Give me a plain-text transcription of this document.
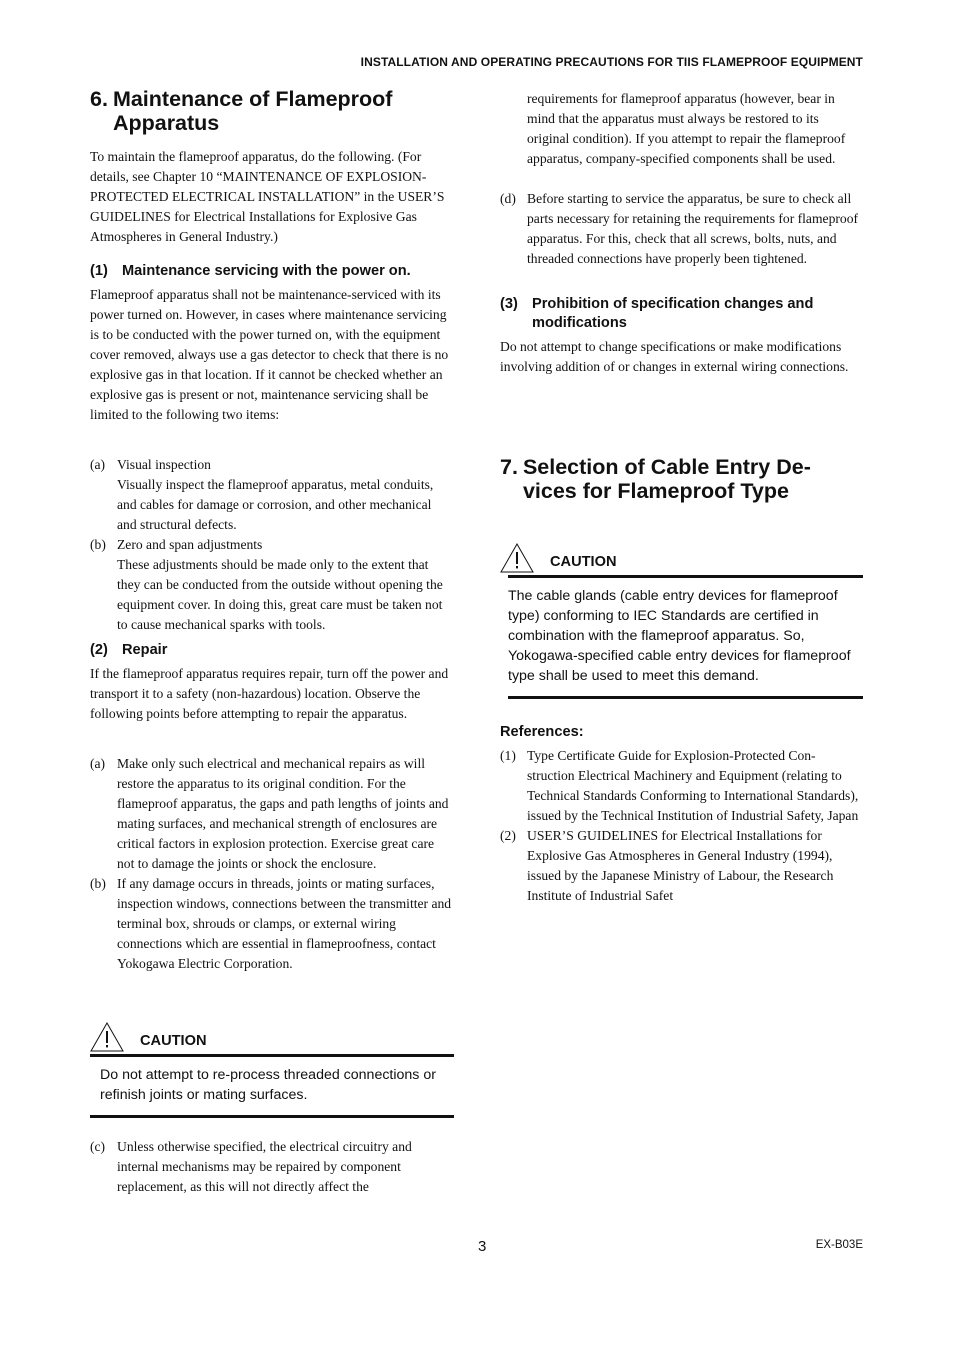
INSTALLATION AND OPERATING PRECAUTIONS FOR TIIS FLAMEPROOF EQUIPMENT
6. Maintenance of Flameproof Apparatus

To maintain the flameproof apparatus, do the following. (For details, see Chapter 10 “MAINTENANCE OF EXPLOSION-PROTECTED ELECTRICAL INSTALLATION” in the USER’S GUIDELINES for Electrical Installations for Explosive Gas Atmospheres in General Industry.)

(1) Maintenance servicing with the power on.

Flameproof apparatus shall not be maintenance-serviced with its power turned on. However, in cases where maintenance servicing is to be conducted with the power turned on, with the equipment cover removed, always use a gas detector to check that there is no explosive gas in that location. If it cannot be checked whether an explosive gas is present or not, maintenance servicing shall be limited to the following two items:

(a) Visual inspection
Visually inspect the flameproof apparatus, metal conduits, and cables for damage or corrosion, and other mechanical and structural defects.
(b) Zero and span adjustments
These adjustments should be made only to the extent that they can be conducted from the outside without opening the equipment cover. In doing this, great care must be taken not to cause mechanical sparks with tools.
(2) Repair

If the flameproof apparatus requires repair, turn off the power and transport it to a safety (non-hazardous) location. Observe the following points before attempting to repair the apparatus.

(a) Make only such electrical and mechanical repairs as will restore the apparatus to its original condition. For the flameproof apparatus, the gaps and path lengths of joints and mating surfaces, and mechanical strength of enclosures are critical factors in explosion protection. Exercise great care not to damage the joints or shock the enclosure.
(b) If any damage occurs in threads, joints or mating surfaces, inspection windows, connections between the transmitter and terminal box, shrouds or clamps, or external wiring connections which are essential in flameproofness, contact Yokogawa Electric Corporation.
CAUTION
Do not attempt to re-process threaded connections or refinish joints or mating surfaces.
(c) Unless otherwise specified, the electrical circuitry and internal mechanisms may be repaired by component replacement, as this will not directly affect the
requirements for flameproof apparatus (however, bear in mind that the apparatus must always be restored to its original condition). If you attempt to repair the flameproof apparatus, company-specified components shall be used.
(d) Before starting to service the apparatus, be sure to check all parts necessary for retaining the requirements for flameproof apparatus. For this, check that all screws, bolts, nuts, and threaded connections have properly been tightened.
(3) Prohibition of specification changes and modifications

Do not attempt to change specifications or make modifications involving addition of or changes in external wiring connections.

7. Selection of Cable Entry De-vices for Flameproof Type
CAUTION
The cable glands (cable entry devices for flameproof type) conforming to IEC Standards are certified in combination with the flameproof apparatus. So, Yokogawa-specified cable entry devices for flameproof type shall be used to meet this demand.
References:
(1) Type Certificate Guide for Explosion-Protected Con-struction Electrical Machinery and Equipment (relating to Technical Standards Conforming to International Standards), issued by the Technical Institution of Industrial Safety, Japan
(2) USER’S GUIDELINES for Electrical Installations for Explosive Gas Atmospheres in General Industry (1994), issued by the Japanese Ministry of Labour, the Research Institute of Industrial Safet
3	EX-B03E
